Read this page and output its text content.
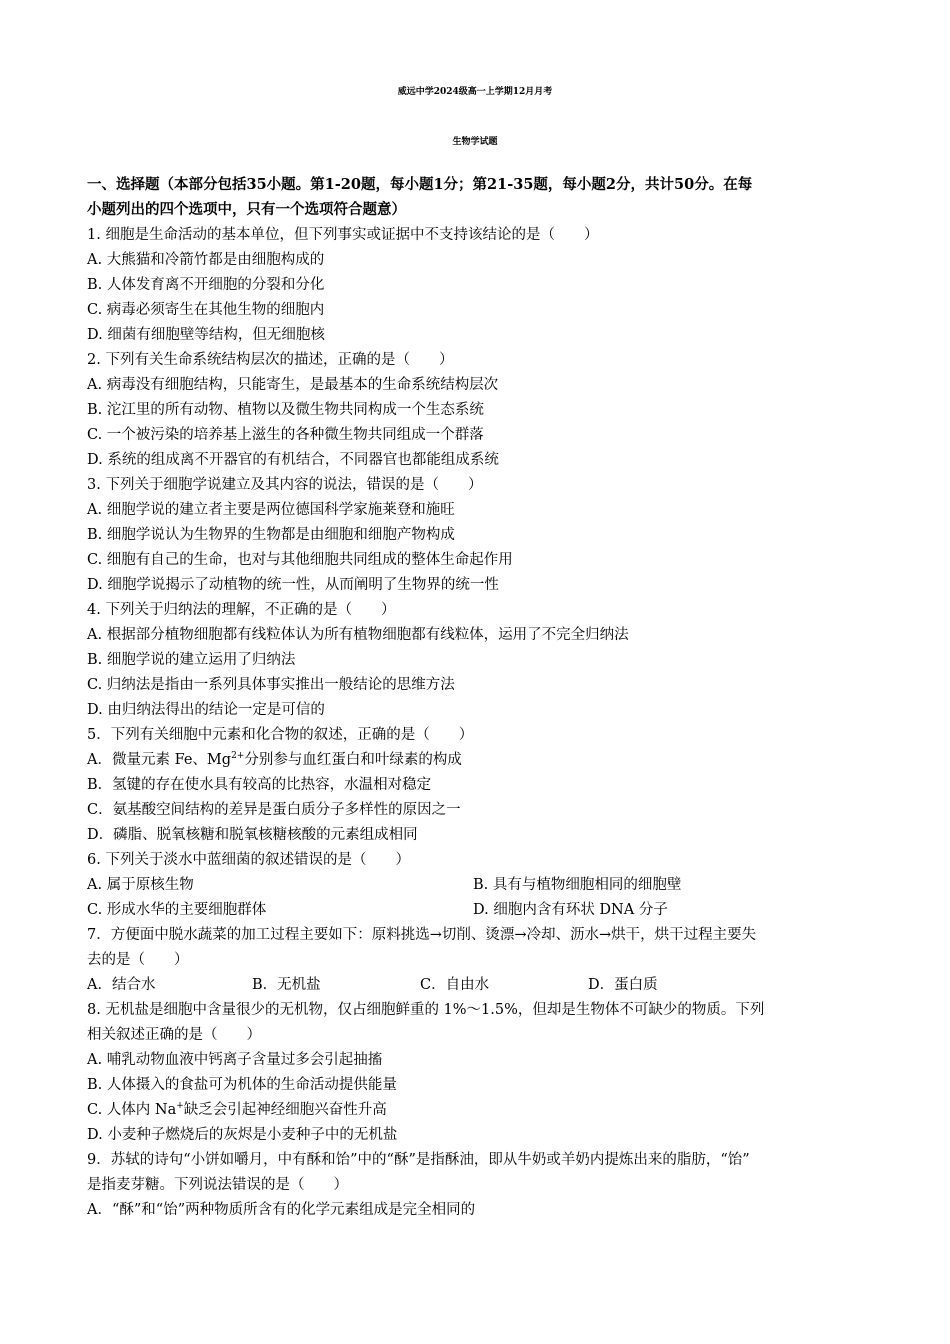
威远中学2024级高一上学期12月月考
生物学试题
一、选择题（本部分包括35小题。第1-20题，每小题1分；第21-35题，每小题2分，共计50分。在每
小题列出的四个选项中，只有一个选项符合题意）
1. 细胞是生命活动的基本单位，但下列事实或证据中不支持该结论的是（　　）
A. 大熊猫和冷箭竹都是由细胞构成的
B. 人体发育离不开细胞的分裂和分化
C. 病毒必须寄生在其他生物的细胞内
D. 细菌有细胞壁等结构，但无细胞核
2. 下列有关生命系统结构层次的描述，正确的是（　　）
A. 病毒没有细胞结构，只能寄生，是最基本的生命系统结构层次
B. 沱江里的所有动物、植物以及微生物共同构成一个生态系统
C. 一个被污染的培养基上滋生的各种微生物共同组成一个群落
D. 系统的组成离不开器官的有机结合，不同器官也都能组成系统
3. 下列关于细胞学说建立及其内容的说法，错误的是（　　）
A. 细胞学说的建立者主要是两位德国科学家施莱登和施旺
B. 细胞学说认为生物界的生物都是由细胞和细胞产物构成
C. 细胞有自己的生命，也对与其他细胞共同组成的整体生命起作用
D. 细胞学说揭示了动植物的统一性，从而阐明了生物界的统一性
4. 下列关于归纳法的理解，不正确的是（　　）
A. 根据部分植物细胞都有线粒体认为所有植物细胞都有线粒体，运用了不完全归纳法
B. 细胞学说的建立运用了归纳法
C. 归纳法是指由一系列具体事实推出一般结论的思维方法
D. 由归纳法得出的结论一定是可信的
5．下列有关细胞中元素和化合物的叙述，正确的是（　　）
A．微量元素 Fe、$Mg^{2+}$分别参与血红蛋白和叶绿素的构成
B．氢键的存在使水具有较高的比热容，水温相对稳定
C．氨基酸空间结构的差异是蛋白质分子多样性的原因之一
D．磷脂、脱氧核糖和脱氧核糖核酸的元素组成相同
6. 下列关于淡水中蓝细菌的叙述错误的是（　　）
A. 属于原核生物	B. 具有与植物细胞相同的细胞壁
C. 形成水华的主要细胞群体	D. 细胞内含有环状 DNA 分子
7．方便面中脱水蔬菜的加工过程主要如下：原料挑选→切削、烫漂→冷却、沥水→烘干，烘干过程主要失
去的是（　　）
A．结合水	B．无机盐	C．自由水	D．蛋白质
8. 无机盐是细胞中含量很少的无机物，仅占细胞鲜重的 1%～1.5%，但却是生物体不可缺少的物质。下列
相关叙述正确的是（　　）
A. 哺乳动物血液中钙离子含量过多会引起抽搐
B. 人体摄入的食盐可为机体的生命活动提供能量
C. 人体内 Na+缺乏会引起神经细胞兴奋性升高
D. 小麦种子燃烧后的灰烬是小麦种子中的无机盐
9．苏轼的诗句“小饼如嚼月，中有酥和饴”中的“酥”是指酥油，即从牛奶或羊奶内提炼出来的脂肪，“饴”
是指麦芽糖。下列说法错误的是（　　）
A．“酥”和“饴”两种物质所含有的化学元素组成是完全相同的
